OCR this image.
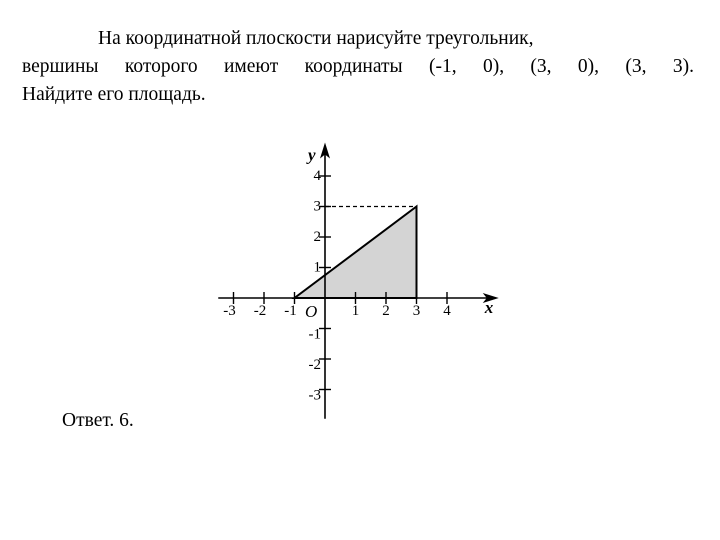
На координатной плоскости нарисуйте треугольник,
вершины которого имеют координаты (-1, 0), (3, 0), (3, 3).
Найдите его площадь.
-3 -2 -1	1 2 3 4
4
3
2
1
-1
-2
-3
x
y
O
Ответ. 6.
